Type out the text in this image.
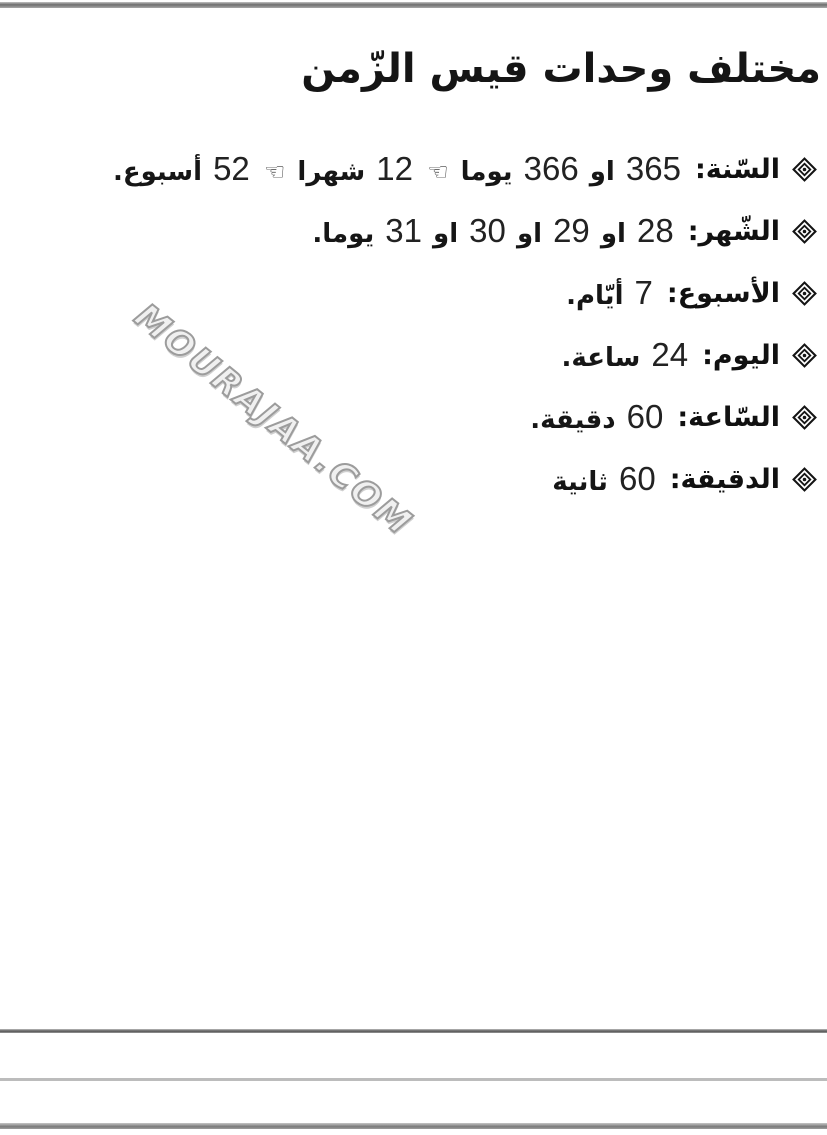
مختلف وحدات قيس الزّمن
السّنة:
365 او 366 يوما ☜ 12 شهرا ☜ 52 أسبوع.
الشّهر:
28 او 29 او 30 او 31 يوما.
الأسبوع:
7 أيّام.
اليوم:
24 ساعة.
السّاعة:
60 دقيقة.
الدقيقة:
60 ثانية
MOURAJAA.COM
